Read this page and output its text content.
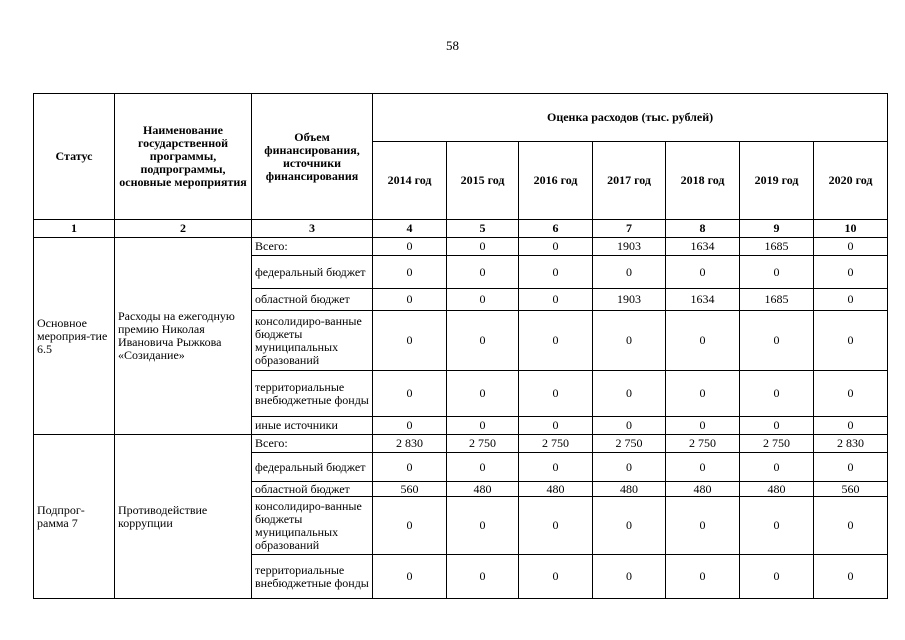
58
Статус	Наименование государственной программы, подпрограммы, основные мероприятия	Объем финансирования, источники финансирования	Оценка расходов (тыс. рублей)						
			2014 год	2015 год	2016 год	2017 год	2018 год	2019 год	2020 год
1	2	3	4	5	6	7	8	9	10
Основное мероприя-тие 6.5	Расходы на ежегодную премию Николая Ивановича Рыжкова «Созидание»	Всего:	0	0	0	1903	1634	1685	0
		федеральный бюджет	0	0	0	0	0	0	0
		областной бюджет	0	0	0	1903	1634	1685	0
		консолидиро-ванные бюджеты муниципальных образований	0	0	0	0	0	0	0
		территориальные внебюджетные фонды	0	0	0	0	0	0	0
		иные источники	0	0	0	0	0	0	0
Подпрог-рамма 7	Противодействие коррупции	Всего:	2 830	2 750	2 750	2 750	2 750	2 750	2 830
		федеральный бюджет	0	0	0	0	0	0	0
		областной бюджет	560	480	480	480	480	480	560
		консолидиро-ванные бюджеты муниципальных образований	0	0	0	0	0	0	0
		территориальные внебюджетные фонды	0	0	0	0	0	0	0
